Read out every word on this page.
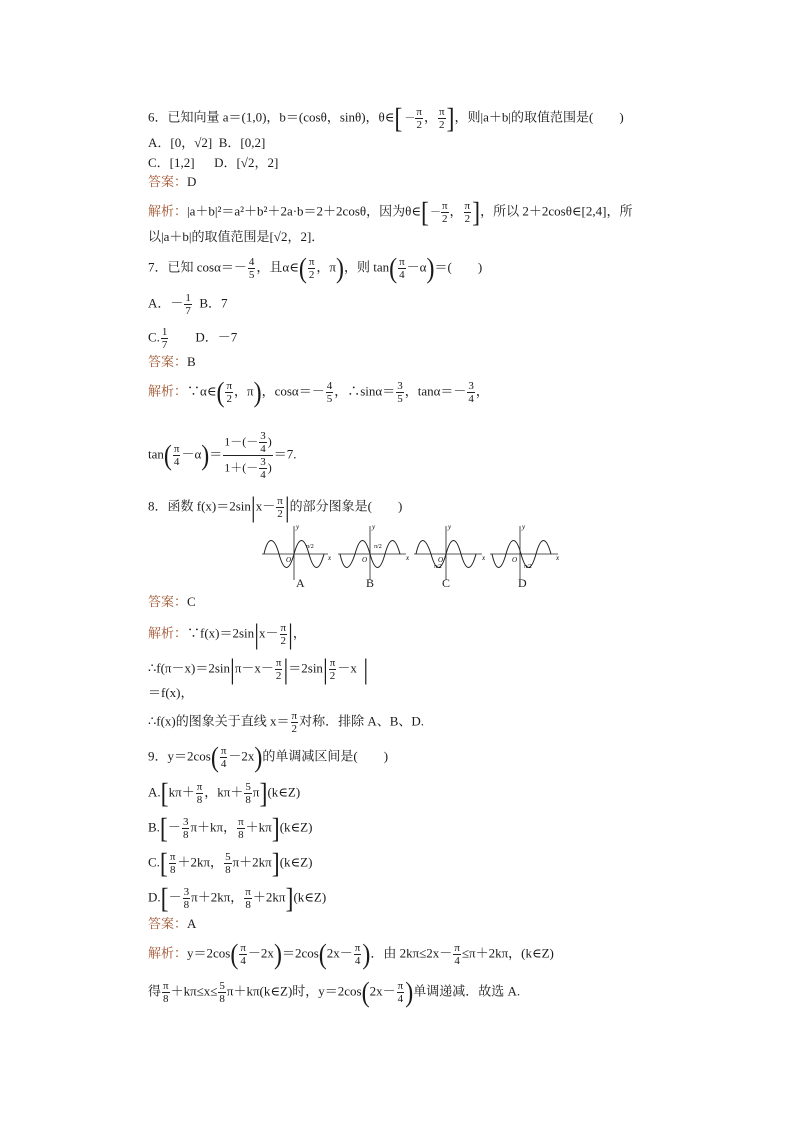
6．已知向量 a＝(1,0)，b＝(cosθ，sinθ)，θ∈[ － $\frac{\pi}{2}$ ， $\frac{\pi}{2}$ ]，则|a＋b|的取值范围是(　　)
A．[0，√2] B．[0,2]
C．[1,2] D．[√2，2]
答案：D
解析：|a＋b|²＝a²＋b²＋2a·b＝2＋2cosθ，因为θ∈[－ $\frac{\pi}{2}$ ， $\frac{\pi}{2}$ ]，所以 2＋2cosθ∈[2,4]，所
以|a＋b|的取值范围是[√2，2]．
7．已知 $\cos\alpha=- \frac{4}{5}$ ，且α∈( $\frac{\pi}{2}$ ，π)，则 $\tan( \frac{\pi}{4} -\alpha)=$(　　)
A．－ $\frac{1}{7}$ B．7
C. $\frac{1}{7}$ D．－7
答案：B
解析：∵α∈( $\frac{\pi}{2}$ ，π)，$\cos\alpha=- \frac{4}{5}$ ，∴sinα＝ $\frac{3}{5}$ ，$\tan\alpha=- \frac{3}{4}$ ，
$\tan( \frac{\pi}{4} -\alpha)= \frac{1-(- \frac{3}{4} )}{1+(- \frac{3}{4} )} =7$.
8．函数 $f(x)=2\sin|x- \frac{\pi}{2}$ |的部分图象是(　　)
y	y	y	y
x	x	x	x
O	O	O	O
π/2	π/2
π/2	π/2
A	B	C	D
答案：C
解析：∵f(x)＝2sin|x－ $\frac{\pi}{2}$ |，
∴f(π－x)＝2sin|π－x－ $\frac{\pi}{2} |=2\sin| \frac{\pi}{2} -x$ |
＝f(x)，
∴f(x)的图象关于直线 $x= \frac{\pi}{2}$ 对称．排除 A、B、D.
9．$y=2\cos( \frac{\pi}{4} -2x)$的单调减区间是(　　)
$A.[k\pi+ \frac{\pi}{8}$ ，$k\pi+ \frac{5}{8}$ π](k∈Z)
$B.[- \frac{3}{8} \pi+k\pi$， $\frac{\pi}{8}$ ＋kπ](k∈Z)
$C.[ \frac{\pi}{8} +2k\pi$， $\frac{5}{8}$ π＋2kπ](k∈Z)
$D.[- \frac{3}{8} \pi+2k\pi$， $\frac{\pi}{8}$ ＋2kπ](k∈Z)
答案：A
解析：$y=2\cos( \frac{\pi}{4} -2x)=2\cos(2x- \frac{\pi}{4}$ )．由 $2k\pi\le 2x- \frac{\pi}{4} \le\pi+2k\pi$，(k∈Z)
得 $\frac{\pi}{8} +k\pi\le x\le \frac{5}{8}$ π＋kπ(k∈Z)时，$y=2\cos(2x- \frac{\pi}{4}$ )单调递减．故选 A.
